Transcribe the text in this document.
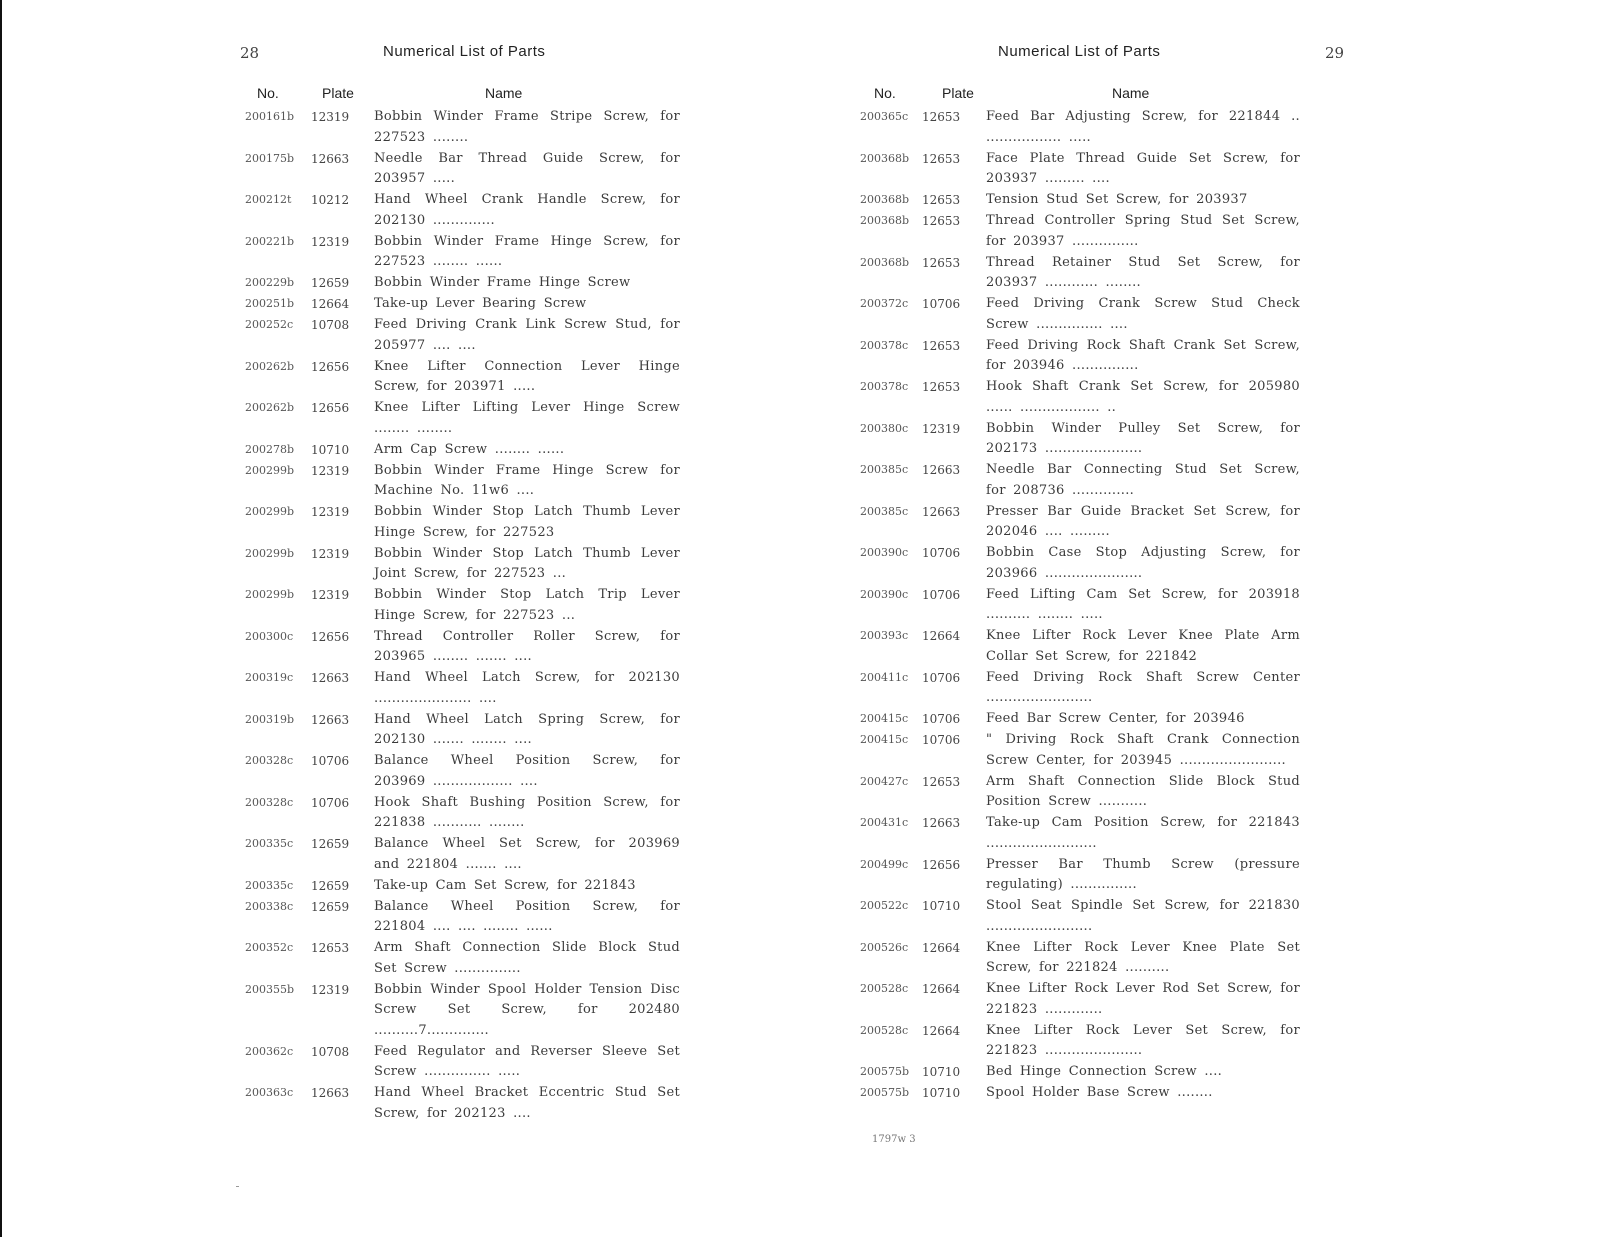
28	Numerical List of Parts
No.	Plate	Name
200161b	12319	Bobbin Winder Frame Stripe Screw, for 227523 ........
200175b	12663	Needle Bar Thread Guide Screw, for 203957 .....
200212t	10212	Hand Wheel Crank Handle Screw, for 202130 ..............
200221b	12319	Bobbin Winder Frame Hinge Screw, for 227523 ........ ......
200229b	12659	Bobbin Winder Frame Hinge Screw
200251b	12664	Take-up Lever Bearing Screw
200252c	10708	Feed Driving Crank Link Screw Stud, for 205977 .... ....
200262b	12656	Knee Lifter Connection Lever Hinge Screw, for 203971 .....
200262b	12656	Knee Lifter Lifting Lever Hinge Screw ........ ........
200278b	10710	Arm Cap Screw ........ ......
200299b	12319	Bobbin Winder Frame Hinge Screw for Machine No. 11w6 ....
200299b	12319	Bobbin Winder Stop Latch Thumb Lever Hinge Screw, for 227523
200299b	12319	Bobbin Winder Stop Latch Thumb Lever Joint Screw, for 227523 ...
200299b	12319	Bobbin Winder Stop Latch Trip Lever Hinge Screw, for 227523 ...
200300c	12656	Thread Controller Roller Screw, for 203965 ........ ....... ....
200319c	12663	Hand Wheel Latch Screw, for 202130 ...................... ....
200319b	12663	Hand Wheel Latch Spring Screw, for 202130 ....... ........ ....
200328c	10706	Balance Wheel Position Screw, for 203969 .................. ....
200328c	10706	Hook Shaft Bushing Position Screw, for 221838 ........... ........
200335c	12659	Balance Wheel Set Screw, for 203969 and 221804 ....... ....
200335c	12659	Take-up Cam Set Screw, for 221843
200338c	12659	Balance Wheel Position Screw, for 221804 .... .... ........ ......
200352c	12653	Arm Shaft Connection Slide Block Stud Set Screw ...............
200355b	12319	Bobbin Winder Spool Holder Tension Disc Screw Set Screw, for 202480 ..........7..............
200362c	10708	Feed Regulator and Reverser Sleeve Set Screw ............... .....
200363c	12663	Hand Wheel Bracket Eccentric Stud Set Screw, for 202123 ....
Numerical List of Parts	29
No.	Plate	Name
200365c	12653	Feed Bar Adjusting Screw, for 221844 .. ................. .....
200368b	12653	Face Plate Thread Guide Set Screw, for 203937 ......... ....
200368b	12653	Tension Stud Set Screw, for 203937
200368b	12653	Thread Controller Spring Stud Set Screw, for 203937 ...............
200368b	12653	Thread Retainer Stud Set Screw, for 203937 ............ ........
200372c	10706	Feed Driving Crank Screw Stud Check Screw ............... ....
200378c	12653	Feed Driving Rock Shaft Crank Set Screw, for 203946 ...............
200378c	12653	Hook Shaft Crank Set Screw, for 205980 ...... .................. ..
200380c	12319	Bobbin Winder Pulley Set Screw, for 202173 ......................
200385c	12663	Needle Bar Connecting Stud Set Screw, for 208736 ..............
200385c	12663	Presser Bar Guide Bracket Set Screw, for 202046 .... .........
200390c	10706	Bobbin Case Stop Adjusting Screw, for 203966 ......................
200390c	10706	Feed Lifting Cam Set Screw, for 203918 .......... ........ .....
200393c	12664	Knee Lifter Rock Lever Knee Plate Arm Collar Set Screw, for 221842
200411c	10706	Feed Driving Rock Shaft Screw Center ........................
200415c	10706	Feed Bar Screw Center, for 203946
200415c	10706	" Driving Rock Shaft Crank Connection Screw Center, for 203945 ........................
200427c	12653	Arm Shaft Connection Slide Block Stud Position Screw ...........
200431c	12663	Take-up Cam Position Screw, for 221843 .........................
200499c	12656	Presser Bar Thumb Screw (pressure regulating) ...............
200522c	10710	Stool Seat Spindle Set Screw, for 221830 ........................
200526c	12664	Knee Lifter Rock Lever Knee Plate Set Screw, for 221824 ..........
200528c	12664	Knee Lifter Rock Lever Rod Set Screw, for 221823 .............
200528c	12664	Knee Lifter Rock Lever Set Screw, for 221823 ......................
200575b	10710	Bed Hinge Connection Screw ....
200575b	10710	Spool Holder Base Screw ........
1797w 3
